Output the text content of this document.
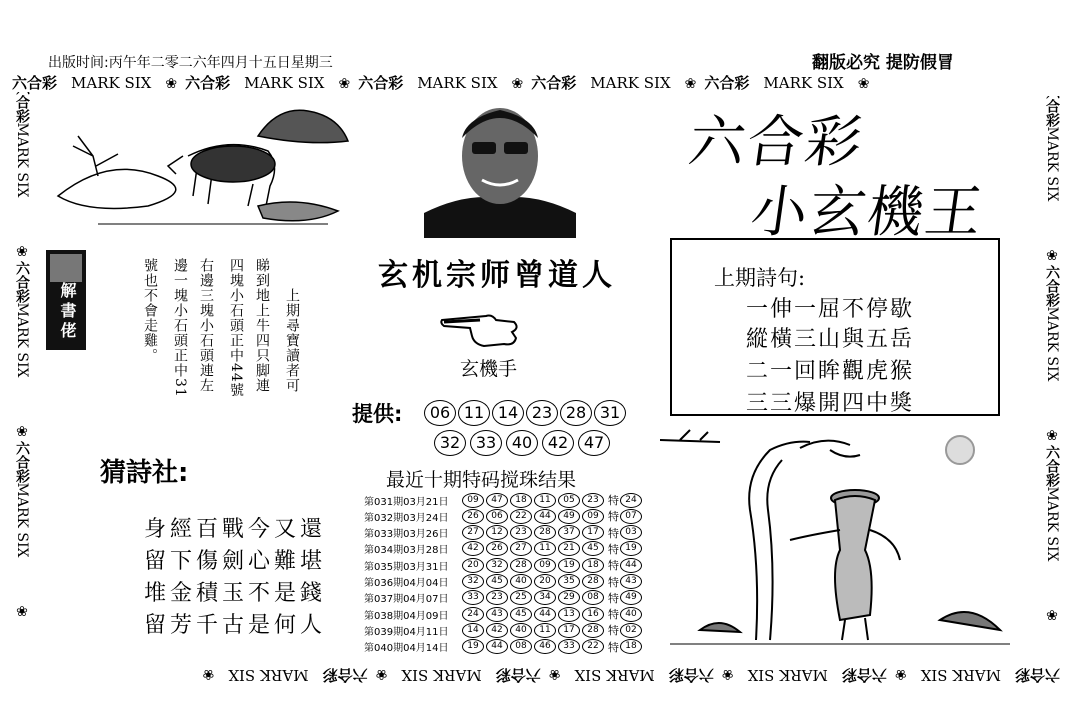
出版时间:丙午年二零二六年四月十五日星期三	翻版必究 提防假冒
六合彩 MARK SIX ❀ 六合彩 MARK SIX ❀ 六合彩 MARK SIX ❀ 六合彩 MARK SIX ❀ 六合彩 MARK SIX ❀
六合彩MARK SIX❀六合彩MARK SIX❀六合彩MARK SIX❀六合彩MARK SIX❀六合彩MARK SIX❀
六合彩
MARK SIX
❀
六合彩
MARK SIX
❀
六合彩
MARK SIX
❀
六合彩
MARK SIX
❀
六合彩
MARK SIX
❀
六合彩
MARK SIX
❀
解書佬	上期尋寶讀者可
睇到地上牛四只脚連
四塊小石頭正中44號
右邊三塊小石頭連左
邊一塊小石頭正中31
號也不會走雞。	玄机宗师曾道人
玄機手
六合彩
小玄機王
上期詩句:
一伸一屈不停歇
縱橫三山與五岳
二一回眸觀虎猴
三三爆開四中獎
猜詩社:
身經百戰今又還
留下傷劍心難堪
堆金積玉不是錢
留芳千古是何人
提供:	06 11 14 23 28 31
32 33 40 42 47
最近十期特码搅珠结果
第031期03月21日	09	47	18	11	05	23 特 24
第032期03月24日	26	06	22	44	49	09 特 07
第033期03月26日	27	12	23	28	37	17 特 03
第034期03月28日	42	26	27	11	21	45 特 19
第035期03月31日	20	32	28	09	19	18 特 44
第036期04月04日	32	45	40	20	35	28 特 43
第037期04月07日	33	23	25	34	29	08 特 49
第038期04月09日	24	43	45	44	13	16 特 40
第039期04月11日	14	42	40	11	17	28 特 02
第040期04月14日	19	44	08	46	33	22 特 18
